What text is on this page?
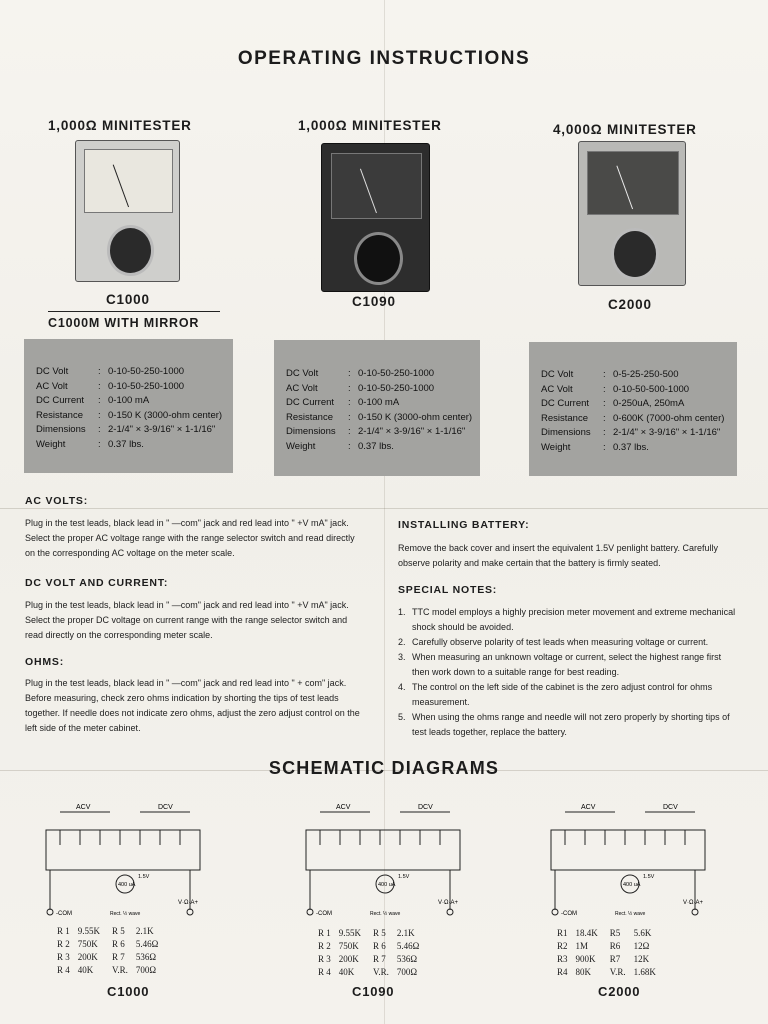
OPERATING INSTRUCTIONS
1,000Ω MINITESTER
C1000
C1000M WITH MIRROR
1,000Ω MINITESTER
C1090
4,000Ω MINITESTER
C2000
DC Volt	: 0-10-50-250-1000
AC Volt	: 0-10-50-250-1000
DC Current : 0-100 mA
Resistance : 0-150 K (3000-ohm center)
Dimensions : 2-1/4" × 3-9/16" × 1-1/16"
Weight	: 0.37 lbs.
DC Volt	: 0-10-50-250-1000
AC Volt	: 0-10-50-250-1000
DC Current : 0-100 mA
Resistance : 0-150 K (3000-ohm center)
Dimensions : 2-1/4" × 3-9/16" × 1-1/16"
Weight	: 0.37 lbs.
DC Volt	: 0-5-25-250-500
AC Volt	: 0-10-50-500-1000
DC Current : 0-250uA, 250mA
Resistance : 0-600K (7000-ohm center)
Dimensions : 2-1/4" × 3-9/16" × 1-1/16"
Weight	: 0.37 lbs.
AC VOLTS:
Plug in the test leads, black lead in " —com" jack and red lead into " +V mA" jack. Select the proper AC voltage range with the range selector switch and read directly on the corresponding AC voltage on the meter scale.
DC VOLT AND CURRENT:
Plug in the test leads, black lead in " —com" jack and red lead into " +V mA" jack. Select the proper DC voltage on current range with the range selector switch and read directly on the corresponding meter scale.
OHMS:
Plug in the test leads, black lead in " —com" jack and red lead into " + com" jack. Before measuring, check zero ohms indication by shorting the tips of test leads together. If needle does not indicate zero ohms, adjust the zero adjust control on the left side of the meter cabinet.
INSTALLING BATTERY:
Remove the back cover and insert the equivalent 1.5V penlight battery. Carefully observe polarity and make certain that the battery is firmly seated.
SPECIAL NOTES:
1. TTC model employs a highly precision meter movement and extreme mechanical shock should be avoided.
2. Carefully observe polarity of test leads when measuring voltage or current.
3. When measuring an unknown voltage or current, select the highest range first then work down to a suitable range for best reading.
4. The control on the left side of the cabinet is the zero adjust control for ohms measurement.
5. When using the ohms range and needle will not zero properly by shorting tips of test leads together, replace the battery.
SCHEMATIC DIAGRAMS
ACV	DCV
400 uA
1.5V
-COM	Rect. ½ wave
V·Ω·A+
ACV	DCV
400 uA
1.5V
-COM	Rect. ½ wave
V·Ω·A+
ACV	DCV
400 uA
1.5V
-COM	Rect. ½ wave
V·Ω·A+
R 1	9.55K	R 5	2.1K
R 2	750K	R 6	5.46Ω
R 3	200K	R 7	536Ω
R 4	40K	V.R.	700Ω
R 1	9.55K	R 5	2.1K
R 2	750K	R 6	5.46Ω
R 3	200K	R 7	536Ω
R 4	40K	V.R.	700Ω
R1	18.4K	R5	5.6K
R2	1M	R6	12Ω
R3	900K	R7	12K
R4	80K	V.R.	1.68K
C1000	C1090	C2000
